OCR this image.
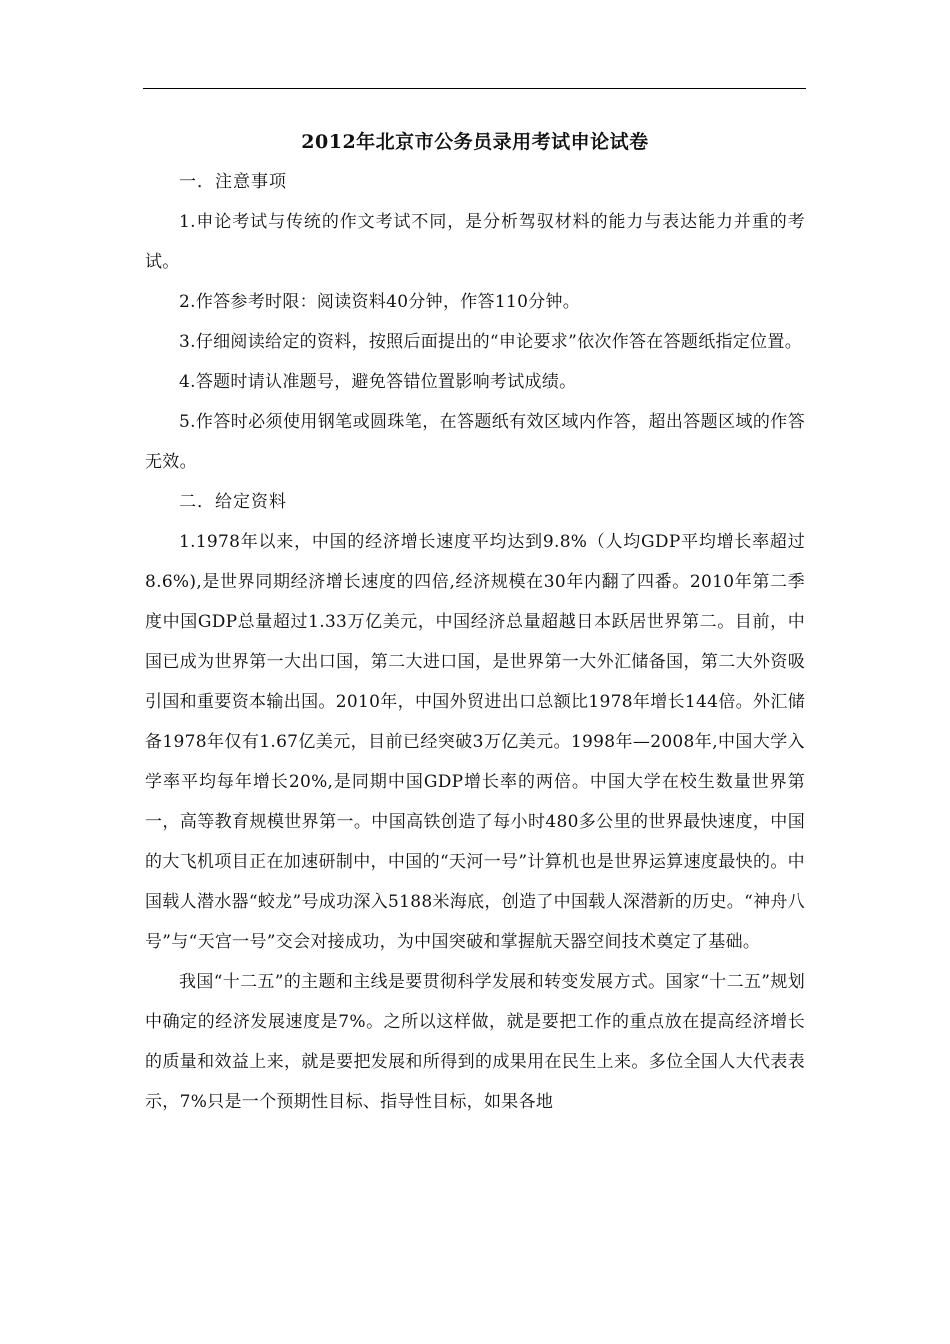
2012年北京市公务员录用考试申论试卷

一．注意事项

1.申论考试与传统的作文考试不同，是分析驾驭材料的能力与表达能力并重的考试。

2.作答参考时限：阅读资料40分钟，作答110分钟。

3.仔细阅读给定的资料，按照后面提出的“申论要求”依次作答在答题纸指定位置。

4.答题时请认准题号，避免答错位置影响考试成绩。

5.作答时必须使用钢笔或圆珠笔，在答题纸有效区域内作答，超出答题区域的作答无效。

二．给定资料

1.1978年以来，中国的经济增长速度平均达到9.8%（人均GDP平均增长率超过8.6%),是世界同期经济增长速度的四倍,经济规模在30年内翻了四番。2010年第二季度中国GDP总量超过1.33万亿美元，中国经济总量超越日本跃居世界第二。目前，中国已成为世界第一大出口国，第二大进口国，是世界第一大外汇储备国，第二大外资吸引国和重要资本输出国。2010年，中国外贸进出口总额比1978年增长144倍。外汇储备1978年仅有1.67亿美元，目前已经突破3万亿美元。1998年—2008年,中国大学入学率平均每年增长20%,是同期中国GDP增长率的两倍。中国大学在校生数量世界第一，高等教育规模世界第一。中国高铁创造了每小时480多公里的世界最快速度，中国的大飞机项目正在加速研制中，中国的“天河一号”计算机也是世界运算速度最快的。中国载人潜水器“蛟龙”号成功深入5188米海底，创造了中国载人深潜新的历史。“神舟八号”与“天宫一号”交会对接成功，为中国突破和掌握航天器空间技术奠定了基础。

我国“十二五”的主题和主线是要贯彻科学发展和转变发展方式。国家“十二五”规划中确定的经济发展速度是7%。之所以这样做，就是要把工作的重点放在提高经济增长的质量和效益上来，就是要把发展和所得到的成果用在民生上来。多位全国人大代表表示，7%只是一个预期性目标、指导性目标，如果各地
